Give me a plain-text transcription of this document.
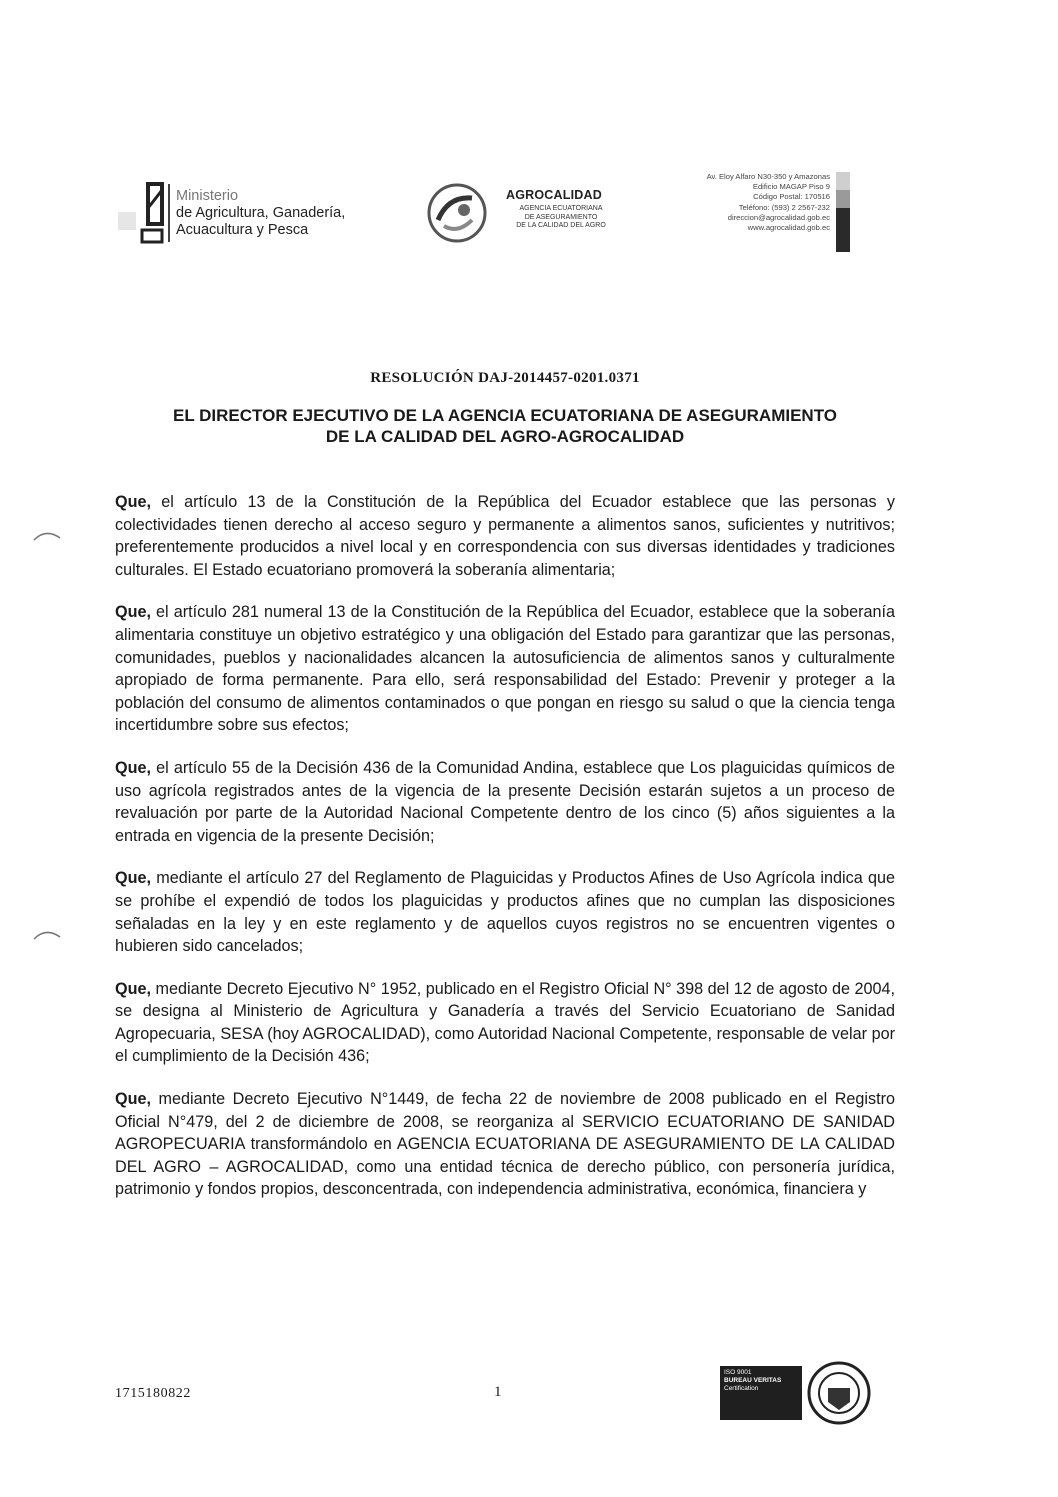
Ministerio
de Agricultura, Ganadería,
Acuacultura y Pesca
AGROCALIDAD
AGENCIA ECUATORIANA
DE ASEGURAMIENTO
DE LA CALIDAD DEL AGRO
Av. Eloy Alfaro N30-350 y Amazonas
Edificio MAGAP Piso 9
Código Postal: 170516
Teléfono: (593) 2 2567-232
direccion@agrocalidad.gob.ec
www.agrocalidad.gob.ec
RESOLUCIÓN DAJ-2014457-0201.0371
EL DIRECTOR EJECUTIVO DE LA AGENCIA ECUATORIANA DE ASEGURAMIENTO
DE LA CALIDAD DEL AGRO-AGROCALIDAD

Que, el artículo 13 de la Constitución de la República del Ecuador establece que las personas y colectividades tienen derecho al acceso seguro y permanente a alimentos sanos, suficientes y nutritivos; preferentemente producidos a nivel local y en correspondencia con sus diversas identidades y tradiciones culturales. El Estado ecuatoriano promoverá la soberanía alimentaria;

Que, el artículo 281 numeral 13 de la Constitución de la República del Ecuador, establece que la soberanía alimentaria constituye un objetivo estratégico y una obligación del Estado para garantizar que las personas, comunidades, pueblos y nacionalidades alcancen la autosuficiencia de alimentos sanos y culturalmente apropiado de forma permanente. Para ello, será responsabilidad del Estado: Prevenir y proteger a la población del consumo de alimentos contaminados o que pongan en riesgo su salud o que la ciencia tenga incertidumbre sobre sus efectos;

Que, el artículo 55 de la Decisión 436 de la Comunidad Andina, establece que Los plaguicidas químicos de uso agrícola registrados antes de la vigencia de la presente Decisión estarán sujetos a un proceso de revaluación por parte de la Autoridad Nacional Competente dentro de los cinco (5) años siguientes a la entrada en vigencia de la presente Decisión;

Que, mediante el artículo 27 del Reglamento de Plaguicidas y Productos Afines de Uso Agrícola indica que se prohíbe el expendió de todos los plaguicidas y productos afines que no cumplan las disposiciones señaladas en la ley y en este reglamento y de aquellos cuyos registros no se encuentren vigentes o hubieren sido cancelados;

Que, mediante Decreto Ejecutivo N° 1952, publicado en el Registro Oficial N° 398 del 12 de agosto de 2004, se designa al Ministerio de Agricultura y Ganadería a través del Servicio Ecuatoriano de Sanidad Agropecuaria, SESA (hoy AGROCALIDAD), como Autoridad Nacional Competente, responsable de velar por el cumplimiento de la Decisión 436;

Que, mediante Decreto Ejecutivo N°1449, de fecha 22 de noviembre de 2008 publicado en el Registro Oficial N°479, del 2 de diciembre de 2008, se reorganiza al SERVICIO ECUATORIANO DE SANIDAD AGROPECUARIA transformándolo en AGENCIA ECUATORIANA DE ASEGURAMIENTO DE LA CALIDAD DEL AGRO – AGROCALIDAD, como una entidad técnica de derecho público, con personería jurídica, patrimonio y fondos propios, desconcentrada, con independencia administrativa, económica, financiera y

1715180822	1
ISO 9001
BUREAU VERITAS
Certification
